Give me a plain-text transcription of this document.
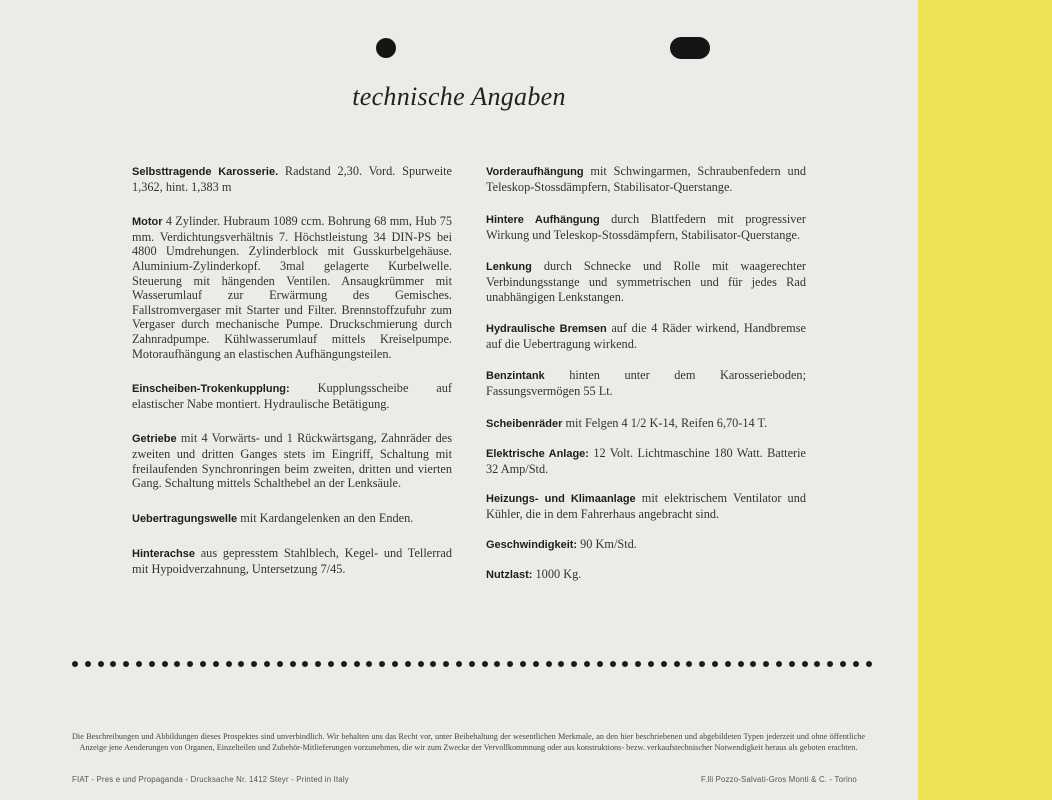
technische Angaben

Selbsttragende Karosserie. Radstand 2,30. Vord. Spurweite 1,362, hint. 1,383 m

Motor 4 Zylinder. Hubraum 1089 ccm. Bohrung 68 mm, Hub 75 mm. Verdichtungsverhältnis 7. Höchstleistung 34 DIN-PS bei 4800 Umdrehungen. Zylinderblock mit Gusskurbelgehäuse. Aluminium-Zylinderkopf. 3mal gelagerte Kurbelwelle. Steuerung mit hängenden Ventilen. Ansaugkrümmer mit Wasserumlauf zur Erwärmung des Gemisches. Fallstromvergaser mit Starter und Filter. Brennstoffzufuhr zum Vergaser durch mechanische Pumpe. Druckschmierung durch Zahnradpumpe. Kühlwasserumlauf mittels Kreiselpumpe. Motoraufhängung an elastischen Aufhängungsteilen.

Einscheiben-Trokenkupplung: Kupplungsscheibe auf elastischer Nabe montiert. Hydraulische Betätigung.

Getriebe mit 4 Vorwärts- und 1 Rückwärtsgang, Zahnräder des zweiten und dritten Ganges stets im Eingriff, Schaltung mit freilaufenden Synchronringen beim zweiten, dritten und vierten Gang. Schaltung mittels Schalthebel an der Lenksäule.

Uebertragungswelle mit Kardangelenken an den Enden.

Hinterachse aus gepresstem Stahlblech, Kegel- und Tellerrad mit Hypoidverzahnung, Untersetzung 7/45.

Vorderaufhängung mit Schwingarmen, Schraubenfedern und Teleskop-Stossdämpfern, Stabilisator-Querstange.

Hintere Aufhängung durch Blattfedern mit progressiver Wirkung und Teleskop-Stossdämpfern, Stabilisator-Querstange.

Lenkung durch Schnecke und Rolle mit waagerechter Verbindungsstange und symmetrischen und für jedes Rad unabhängigen Lenkstangen.

Hydraulische Bremsen auf die 4 Räder wirkend, Handbremse auf die Uebertragung wirkend.

Benzintank hinten unter dem Karosserieboden; Fassungsvermögen 55 Lt.

Scheibenräder mit Felgen 4 1/2 K-14, Reifen 6,70-14 T.

Elektrische Anlage: 12 Volt. Lichtmaschine 180 Watt. Batterie 32 Amp/Std.

Heizungs- und Klimaanlage mit elektrischem Ventilator und Kühler, die in dem Fahrerhaus angebracht sind.

Geschwindigkeit: 90 Km/Std.

Nutzlast: 1000 Kg.

Die Beschreibungen und Abbildungen dieses Prospektes sind unverbindlich. Wir behalten uns das Recht vor, unter Beibehaltung der wesentlichen Merkmale, an den hier beschriebenen und abgebildeten Typen jederzeit und ohne öffentliche Anzeige jene Aenderungen von Organen, Einzelteilen und Zubehör-Mitlieferungen vorzunehmen, die wir zum Zwecke der Vervollkommnung oder aus konstruktions- bezw. verkaufstechnischer Notwendigkeit heraus als geboten erachten.
FIAT - Pres e und Propaganda - Drucksache Nr. 1412 Steyr - Printed in Italy	F.lli Pozzo-Salvati-Gros Monti & C. - Torino
